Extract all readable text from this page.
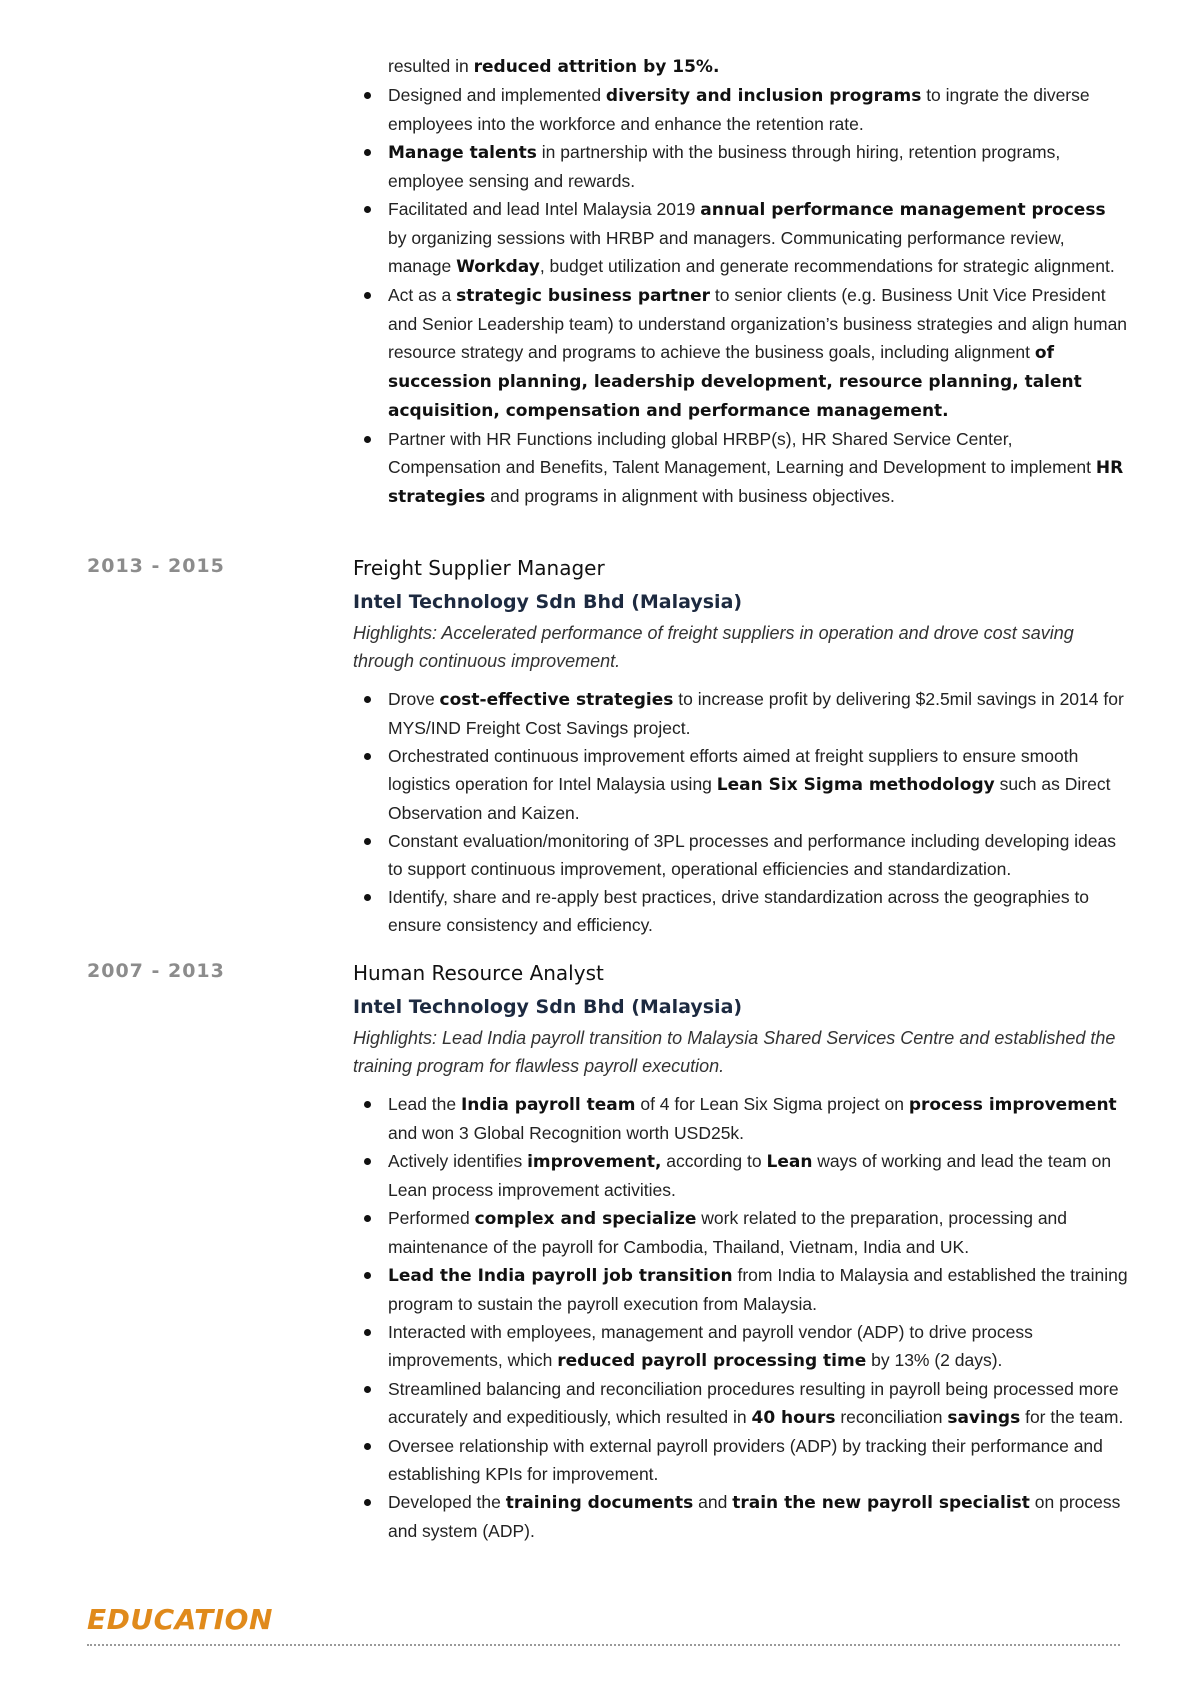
resulted in reduced attrition by 15%.
Designed and implemented diversity and inclusion programs to ingrate the diverse employees into the workforce and enhance the retention rate.
Manage talents in partnership with the business through hiring, retention programs, employee sensing and rewards.
Facilitated and lead Intel Malaysia 2019 annual performance management process by organizing sessions with HRBP and managers. Communicating performance review, manage Workday, budget utilization and generate recommendations for strategic alignment.
Act as a strategic business partner to senior clients (e.g. Business Unit Vice President and Senior Leadership team) to understand organization’s business strategies and align human resource strategy and programs to achieve the business goals, including alignment of succession planning, leadership development, resource planning, talent acquisition, compensation and performance management.
Partner with HR Functions including global HRBP(s), HR Shared Service Center, Compensation and Benefits, Talent Management, Learning and Development to implement HR strategies and programs in alignment with business objectives.
2013 - 2015	Freight Supplier Manager
Intel Technology Sdn Bhd (Malaysia)
Highlights: Accelerated performance of freight suppliers in operation and drove cost saving through continuous improvement.
Drove cost-effective strategies to increase profit by delivering $2.5mil savings in 2014 for MYS/IND Freight Cost Savings project.
Orchestrated continuous improvement efforts aimed at freight suppliers to ensure smooth logistics operation for Intel Malaysia using Lean Six Sigma methodology such as Direct Observation and Kaizen.
Constant evaluation/monitoring of 3PL processes and performance including developing ideas to support continuous improvement, operational efficiencies and standardization.
Identify, share and re-apply best practices, drive standardization across the geographies to ensure consistency and efficiency.
2007 - 2013	Human Resource Analyst
Intel Technology Sdn Bhd (Malaysia)
Highlights: Lead India payroll transition to Malaysia Shared Services Centre and established the training program for flawless payroll execution.
Lead the India payroll team of 4 for Lean Six Sigma project on process improvement and won 3 Global Recognition worth USD25k.
Actively identifies improvement, according to Lean ways of working and lead the team on Lean process improvement activities.
Performed complex and specialize work related to the preparation, processing and maintenance of the payroll for Cambodia, Thailand, Vietnam, India and UK.
Lead the India payroll job transition from India to Malaysia and established the training program to sustain the payroll execution from Malaysia.
Interacted with employees, management and payroll vendor (ADP) to drive process improvements, which reduced payroll processing time by 13% (2 days).
Streamlined balancing and reconciliation procedures resulting in payroll being processed more accurately and expeditiously, which resulted in 40 hours reconciliation savings for the team.
Oversee relationship with external payroll providers (ADP) by tracking their performance and establishing KPIs for improvement.
Developed the training documents and train the new payroll specialist on process and system (ADP).
EDUCATION
